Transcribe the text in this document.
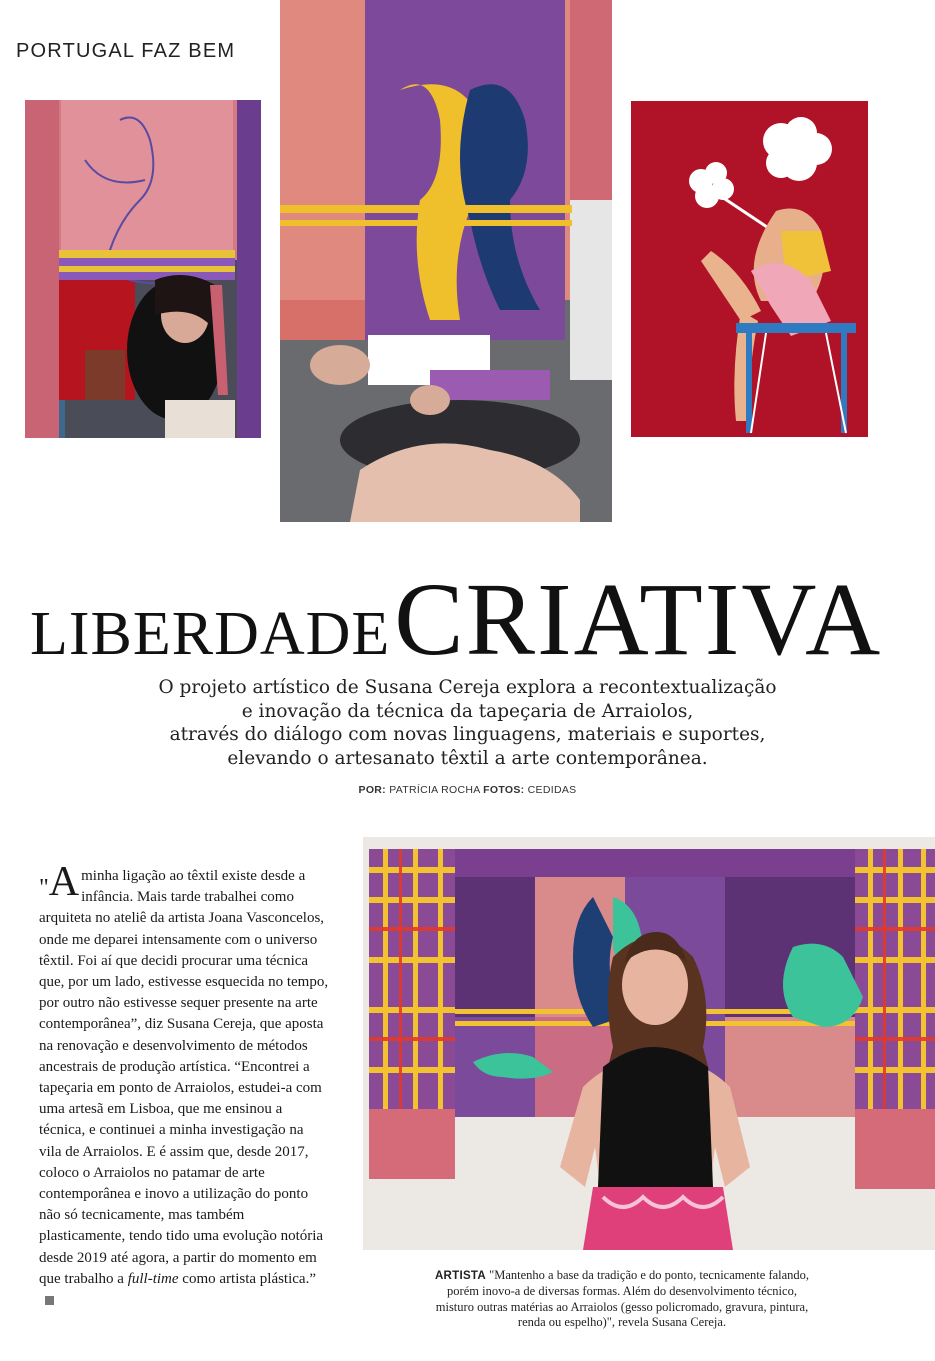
PORTUGAL FAZ BEM
LIBERDADE CRIATIVA
O projeto artístico de Susana Cereja explora a recontextualização
e inovação da técnica da tapeçaria de Arraiolos,
através do diálogo com novas linguagens, materiais e suportes,
elevando o artesanato têxtil a arte contemporânea.
POR: PATRÍCIA ROCHA FOTOS: CEDIDAS
"A minha ligação ao têxtil existe desde a infância. Mais tarde trabalhei como arquiteta no ateliê da artista Joana Vasconcelos, onde me deparei intensamente com o universo têxtil. Foi aí que decidi procurar uma técnica que, por um lado, estivesse esquecida no tempo, por outro não estivesse sequer presente na arte contemporânea”, diz Susana Cereja, que aposta na renovação e desenvolvimento de métodos ancestrais de produção artística. “Encontrei a tapeçaria em ponto de Arraiolos, estudei-a com uma artesã em Lisboa, que me ensinou a técnica, e continuei a minha investigação na vila de Arraiolos. E é assim que, desde 2017, coloco o Arraiolos no patamar de arte contemporânea e inovo a utilização do ponto não só tecnicamente, mas também plasticamente, tendo tido uma evolução notória desde 2019 até agora, a partir do momento em que trabalho a full-time como artista plástica.”	ARTISTA "Mantenho a base da tradição e do ponto, tecnicamente falando, porém inovo-a de diversas formas. Além do desenvolvimento técnico, misturo outras matérias ao Arraiolos (gesso policromado, gravura, pintura, renda ou espelho)", revela Susana Cereja.
